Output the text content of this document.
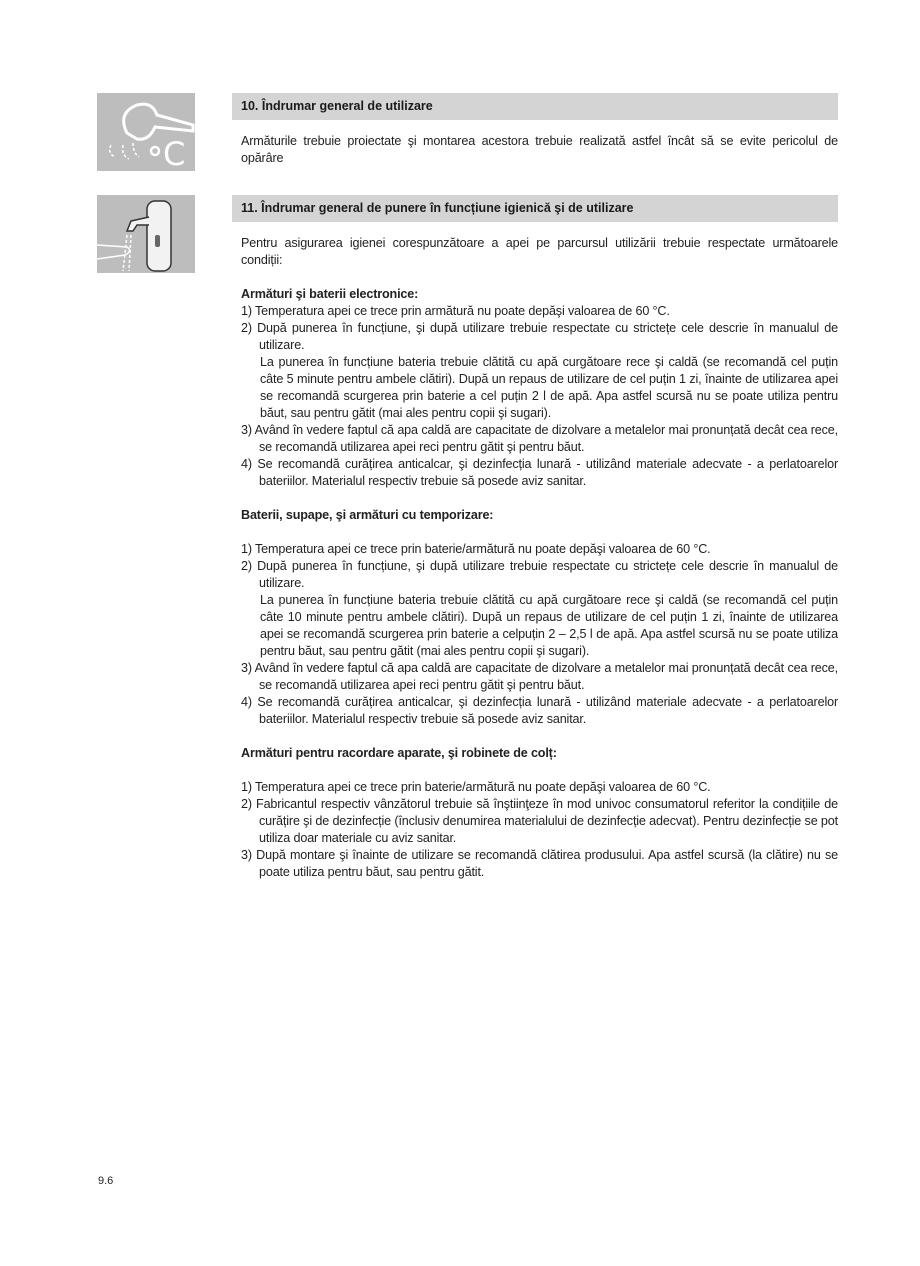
C
10. Îndrumar general de utilizare

Armăturile trebuie proiectate şi montarea acestora trebuie realizată astfel încât să se evite pericolul de opărâre

11. Îndrumar general de punere în funcțiune igienică şi de utilizare

Pentru asigurarea igienei corespunzătoare a apei pe parcursul utilizării trebuie respectate următoarele condiții:

Armături şi baterii electronice:

1) Temperatura apei ce trece prin armătură nu poate depăşi valoarea de 60 °C.

2) După punerea în funcțiune, şi după utilizare trebuie respectate cu strictețe cele descrie în manualul de utilizare.

La punerea în funcțiune bateria trebuie clătită cu apă curgătoare rece şi caldă (se recomandă cel puțin câte 5 minute pentru ambele clătiri). După un repaus de utilizare de cel puțin 1 zi, înainte de utilizarea apei se recomandă scurgerea prin baterie a cel puțin 2 l de apă. Apa astfel scursă nu se poate utiliza pentru băut, sau pentru gătit (mai ales pentru copii şi sugari).

3) Având în vedere faptul că apa caldă are capacitate de dizolvare a metalelor mai pronunțată decât cea rece, se recomandă utilizarea apei reci pentru gătit şi pentru băut.

4) Se recomandă curățirea anticalcar, şi dezinfecția lunară - utilizând materiale adecvate - a perlatoarelor bateriilor. Materialul respectiv trebuie să posede aviz sanitar.

Baterii, supape, şi armături cu temporizare:

1) Temperatura apei ce trece prin baterie/armătură nu poate depăşi valoarea de 60 °C.

2) După punerea în funcțiune, şi după utilizare trebuie respectate cu strictețe cele descrie în manualul de utilizare.

La punerea în funcțiune bateria trebuie clătită cu apă curgătoare rece şi caldă (se recomandă cel puțin câte 10 minute pentru ambele clătiri). După un repaus de utilizare de cel puțin 1 zi, înainte de utilizarea apei se recomandă scurgerea prin baterie a celpuțin 2 – 2,5 l de apă. Apa astfel scursă nu se poate utiliza pentru băut, sau pentru gătit (mai ales pentru copii şi sugari).

3) Având în vedere faptul că apa caldă are capacitate de dizolvare a metalelor mai pronunțată decât cea rece, se recomandă utilizarea apei reci pentru gătit şi pentru băut.

4) Se recomandă curățirea anticalcar, şi dezinfecția lunară - utilizând materiale adecvate - a perlatoarelor bateriilor. Materialul respectiv trebuie să posede aviz sanitar.

Armături pentru racordare aparate, şi robinete de colț:

1) Temperatura apei ce trece prin baterie/armătură nu poate depăşi valoarea de 60 °C.

2) Fabricantul respectiv vânzătorul trebuie să înştiinţeze în mod univoc consumatorul referitor la condițiile de curățire şi de dezinfecție (înclusiv denumirea materialului de dezinfecție adecvat). Pentru dezinfecție se pot utiliza doar materiale cu aviz sanitar.

3) După montare şi înainte de utilizare se recomandă clătirea produsului. Apa astfel scursă (la clătire) nu se poate utiliza pentru băut, sau pentru gătit.

9.6
